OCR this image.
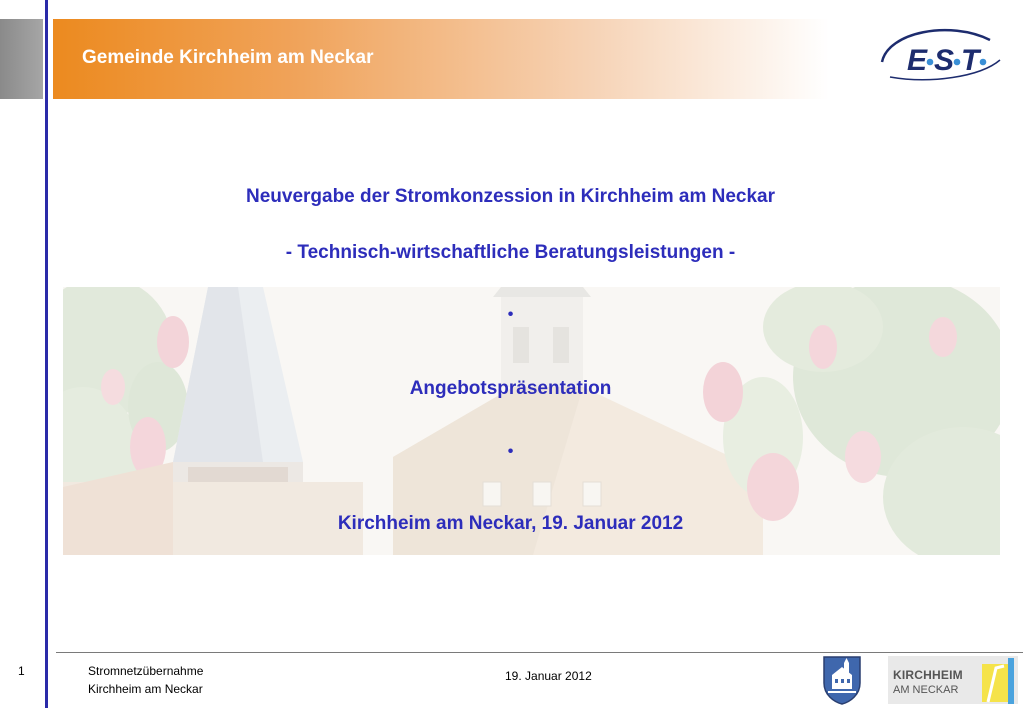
Gemeinde Kirchheim am Neckar	E S T
Neuvergabe der Stromkonzession in Kirchheim am Neckar
- Technisch-wirtschaftliche Beratungsleistungen -
•
Angebotspräsentation
•
Kirchheim am Neckar, 19. Januar 2012
1	Stromnetzübernahme
Kirchheim am Neckar
19. Januar 2012	KIRCHHEIM
AM NECKAR
